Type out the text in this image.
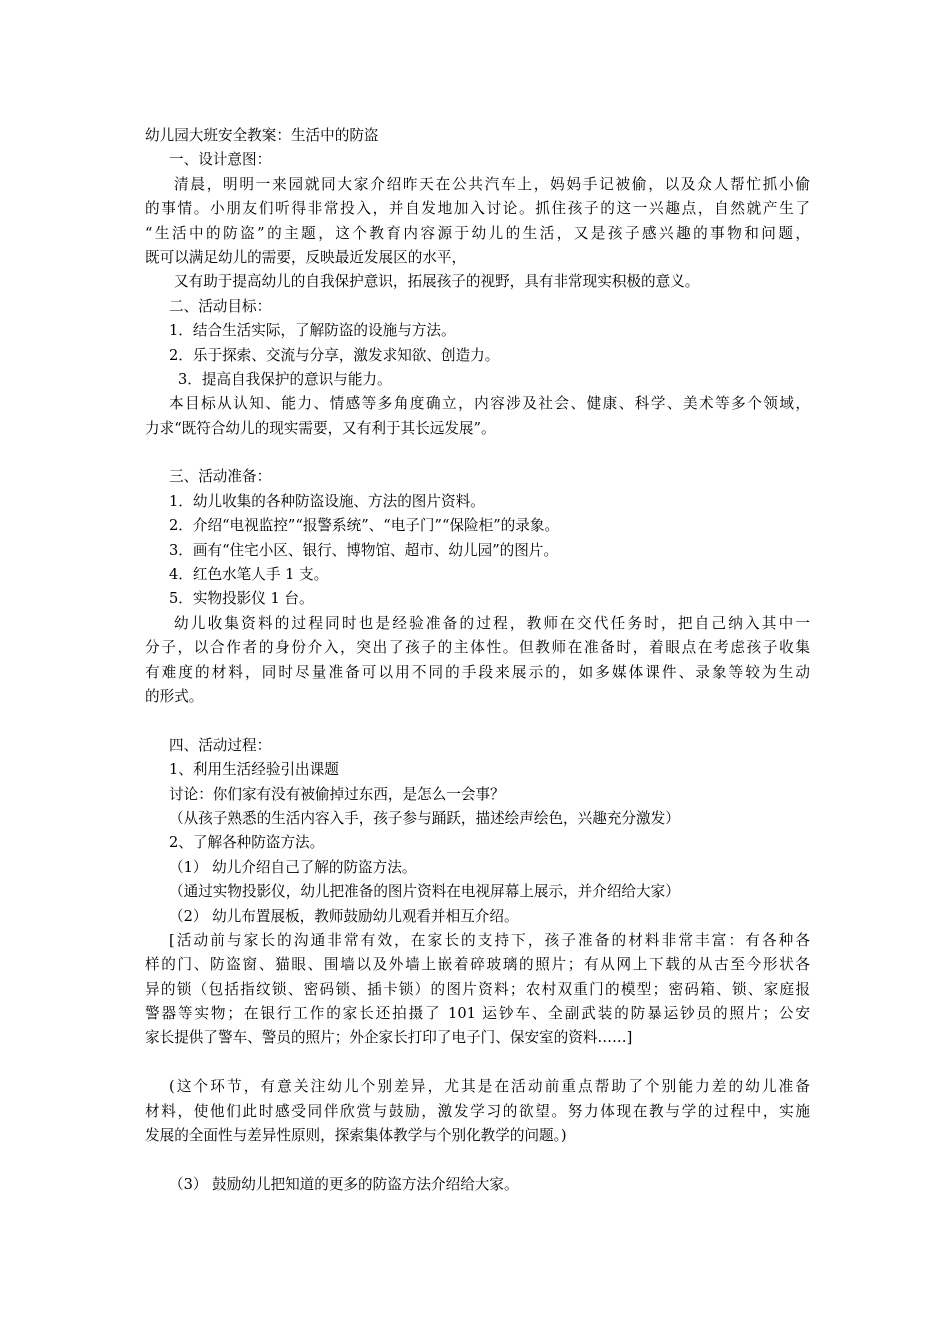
幼儿园大班安全教案：生活中的防盗
一、设计意图：
清晨，明明一来园就同大家介绍昨天在公共汽车上，妈妈手记被偷，以及众人帮忙抓小偷
的事情。小朋友们听得非常投入，并自发地加入讨论。抓住孩子的这一兴趣点，自然就产生了
“生活中的防盗”的主题，这个教育内容源于幼儿的生活，又是孩子感兴趣的事物和问题，
既可以满足幼儿的需要，反映最近发展区的水平，
又有助于提高幼儿的自我保护意识，拓展孩子的视野，具有非常现实积极的意义。
二、活动目标：
1．结合生活实际，了解防盗的设施与方法。
2．乐于探索、交流与分享，激发求知欲、创造力。
3．提高自我保护的意识与能力。
本目标从认知、能力、情感等多角度确立，内容涉及社会、健康、科学、美术等多个领域，
力求“既符合幼儿的现实需要，又有利于其长远发展”。
三、活动准备：
1．幼儿收集的各种防盗设施、方法的图片资料。
2．介绍“电视监控”“报警系统”、“电子门”“保险柜”的录象。
3．画有“住宅小区、银行、博物馆、超市、幼儿园”的图片。
4．红色水笔人手 1 支。
5．实物投影仪 1 台。
幼儿收集资料的过程同时也是经验准备的过程，教师在交代任务时，把自己纳入其中一
分子，以合作者的身份介入，突出了孩子的主体性。但教师在准备时，着眼点在考虑孩子收集
有难度的材料，同时尽量准备可以用不同的手段来展示的，如多媒体课件、录象等较为生动
的形式。
四、活动过程：
1、利用生活经验引出课题
讨论：你们家有没有被偷掉过东西，是怎么一会事？
（从孩子熟悉的生活内容入手，孩子参与踊跃，描述绘声绘色，兴趣充分激发）
2、了解各种防盗方法。
（1） 幼儿介绍自己了解的防盗方法。
（通过实物投影仪，幼儿把准备的图片资料在电视屏幕上展示，并介绍给大家）
（2） 幼儿布置展板，教师鼓励幼儿观看并相互介绍。
[活动前与家长的沟通非常有效，在家长的支持下，孩子准备的材料非常丰富：有各种各
样的门、防盗窗、猫眼、围墙以及外墙上嵌着碎玻璃的照片；有从网上下载的从古至今形状各
异的锁（包括指纹锁、密码锁、插卡锁）的图片资料；农村双重门的模型；密码箱、锁、家庭报
警器等实物；在银行工作的家长还拍摄了 101 运钞车、全副武装的防暴运钞员的照片；公安
家长提供了警车、警员的照片；外企家长打印了电子门、保安室的资料……]
(这个环节，有意关注幼儿个别差异，尤其是在活动前重点帮助了个别能力差的幼儿准备
材料，使他们此时感受同伴欣赏与鼓励，激发学习的欲望。努力体现在教与学的过程中，实施
发展的全面性与差异性原则，探索集体教学与个别化教学的问题。)
（3） 鼓励幼儿把知道的更多的防盗方法介绍给大家。
